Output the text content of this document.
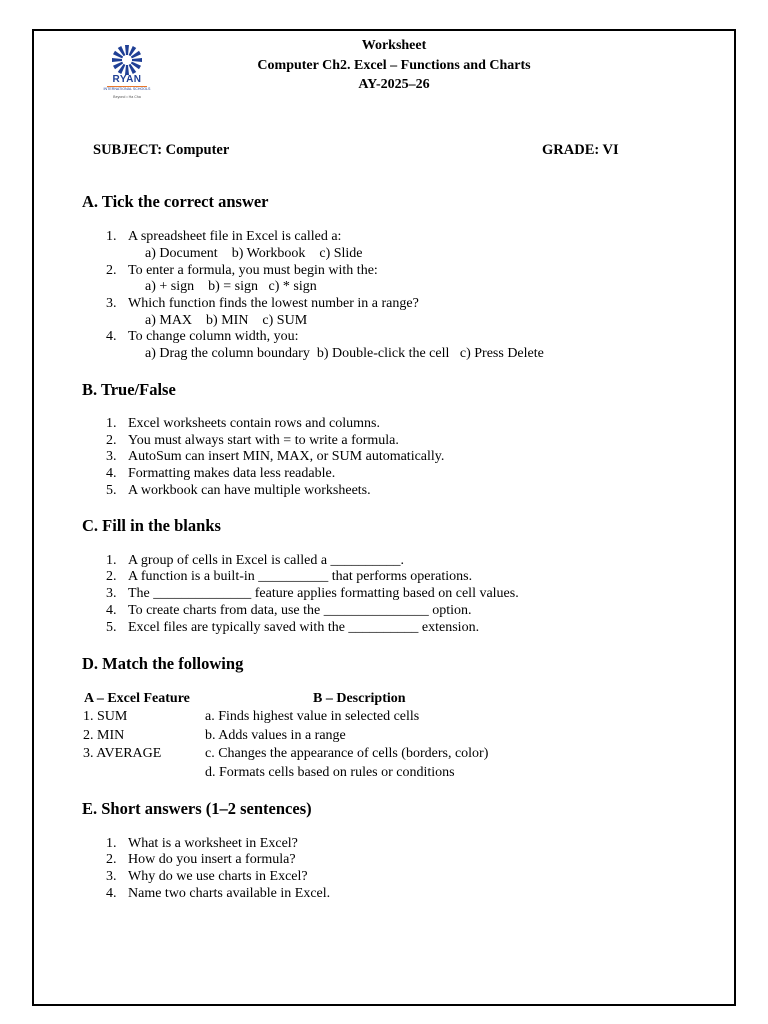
RYAN
INTERNATIONAL SCHOOLS
Beyond • Ha Cha
Worksheet
Computer Ch2. Excel – Functions and Charts
AY-2025–26
SUBJECT: Computer	GRADE: VI
A. Tick the correct answer
1. A spreadsheet file in Excel is called a:
a) Document    b) Workbook    c) Slide
2. To enter a formula, you must begin with the:
a) + sign    b) = sign   c) * sign
3. Which function finds the lowest number in a range?
a) MAX    b) MIN    c) SUM
4. To change column width, you:
a) Drag the column boundary  b) Double-click the cell   c) Press Delete
B. True/False
1. Excel worksheets contain rows and columns.
2. You must always start with = to write a formula.
3. AutoSum can insert MIN, MAX, or SUM automatically.
4. Formatting makes data less readable.
5. A workbook can have multiple worksheets.
C. Fill in the blanks
1. A group of cells in Excel is called a __________.
2. A function is a built-in __________ that performs operations.
3. The ______________ feature applies formatting based on cell values.
4. To create charts from data, use the _______________ option.
5. Excel files are typically saved with the __________ extension.
D. Match the following
A – Excel Feature	B – Description
1. SUM
2. MIN
3. AVERAGE
a. Finds highest value in selected cells
b. Adds values in a range
c. Changes the appearance of cells (borders, color)
d. Formats cells based on rules or conditions
E. Short answers (1–2 sentences)
1. What is a worksheet in Excel?
2. How do you insert a formula?
3. Why do we use charts in Excel?
4. Name two charts available in Excel.
